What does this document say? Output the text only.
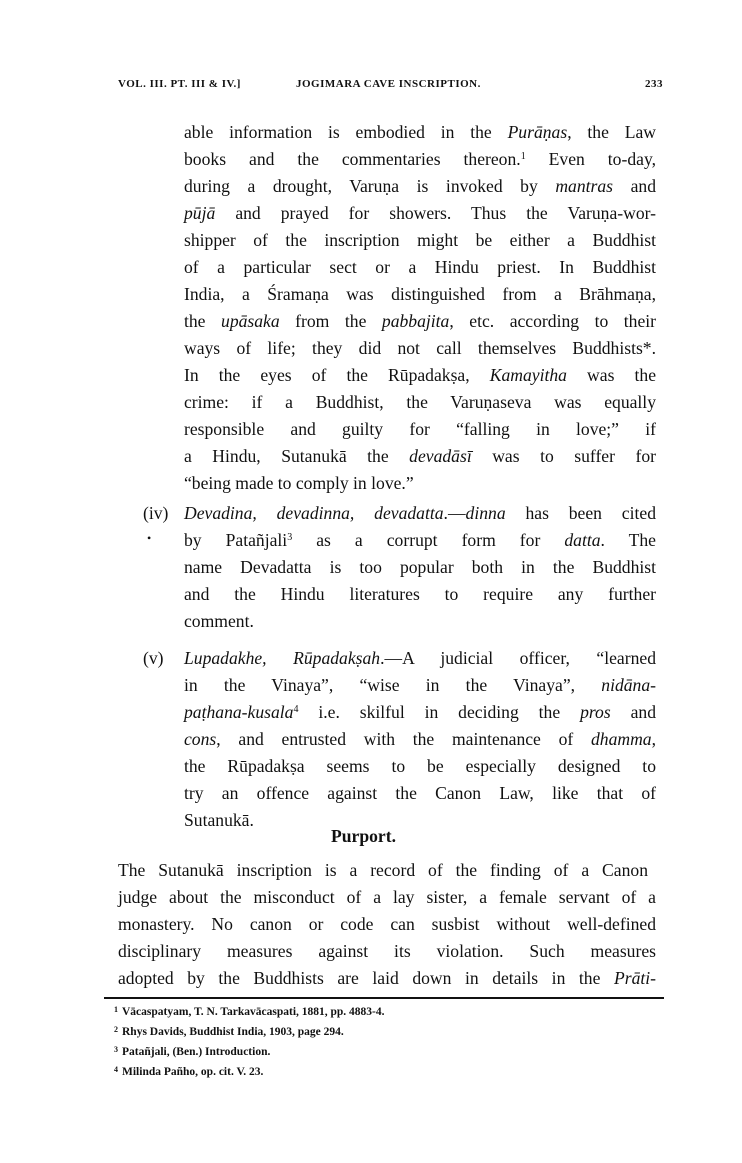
VOL. III. PT. III & IV.]	JOGIMARA CAVE INSCRIPTION.	233
able information is embodied in the Purāṇas, the Law
books and the commentaries thereon.$^1$ Even to-day,
during a drought, Varuṇa is invoked by mantras and
pūjā and prayed for showers. Thus the Varuṇa-wor-
shipper of the inscription might be either a Buddhist
of a particular sect or a Hindu priest. In Buddhist
India, a Śramaṇa was distinguished from a Brāhmaṇa,
the upāsaka from the pabbajita, etc. according to their
ways of life; they did not call themselves Buddhists*.
In the eyes of the Rūpadakṣa, Kamayitha was the
crime: if a Buddhist, the Varuṇaseva was equally
responsible and guilty for “falling in love;” if
a Hindu, Sutanukā the devadāsī was to suffer for
“being made to comply in love.”
(iv)
•
Devadina, devadinna, devadatta.—dinna has been cited
by Patañjali$^3$ as a corrupt form for datta. The
name Devadatta is too popular both in the Buddhist
and the Hindu literatures to require any further
comment.
(v) Lupadakhe, Rūpadakṣah.—A judicial officer, “learned
in the Vinaya”, “wise in the Vinaya”, nidāna-
paṭhana-kusala$^4$ i.e. skilful in deciding the pros and
cons, and entrusted with the maintenance of dhamma,
the Rūpadakṣa seems to be especially designed to
try an offence against the Canon Law, like that of
Sutanukā.
Purport.
The Sutanukā inscription is a record of the finding of a Canon
judge about the misconduct of a lay sister, a female servant of a
monastery. No canon or code can susbist without well-defined
disciplinary measures against its violation. Such measures
adopted by the Buddhists are laid down in details in the Prāti-
$^1$ Vācaspatyam, T. N. Tarkavācaspati, 1881, pp. 4883-4.
$^2$ Rhys Davids, Buddhist India, 1903, page 294.
$^3$ Patañjali, (Ben.) Introduction.
$^4$ Milinda Pañho, op. cit. V. 23.
